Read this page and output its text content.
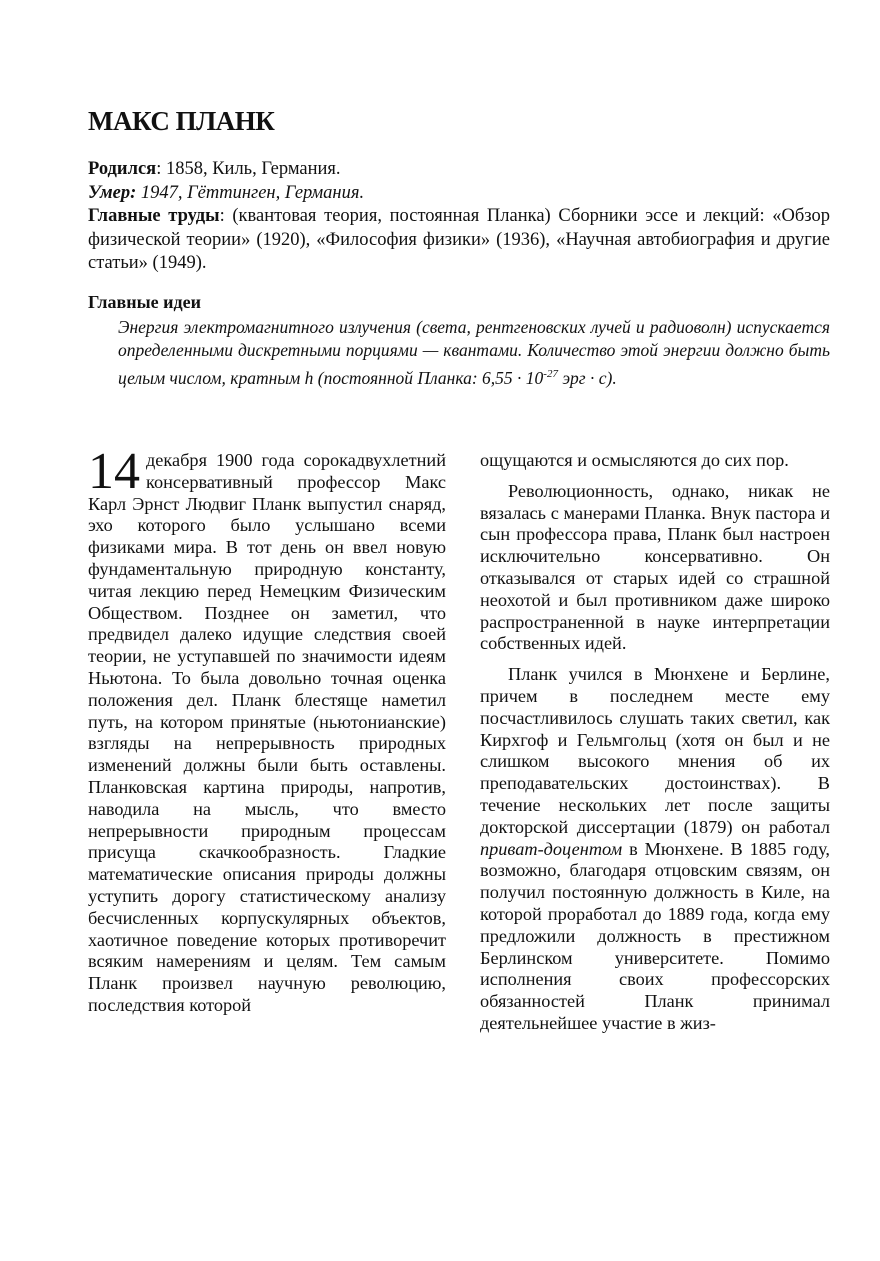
МАКС ПЛАНК
Родился: 1858, Киль, Германия.
Умер: 1947, Гёттинген, Германия.
Главные труды: (квантовая теория, постоянная Планка) Сборники эссе и лекций: «Обзор физической теории» (1920), «Философия физики» (1936), «Научная автобиография и другие статьи» (1949).
Главные идеи
Энергия электромагнитного излучения (света, рентгеновских лучей и радиоволн) испускается определенными дискретными порциями — квантами. Количество этой энергии должно быть целым числом, кратным h (постоянной Планка: $6,55 \cdot 10^{-27}$ эрг · с).

14 декабря 1900 года сорокадвухлетний консервативный профессор Макс Карл Эрнст Людвиг Планк выпустил снаряд, эхо которого было услышано всеми физиками мира. В тот день он ввел новую фундаментальную природную константу, читая лекцию перед Немецким Физическим Обществом. Позднее он заметил, что предвидел далеко идущие следствия своей теории, не уступавшей по значимости идеям Ньютона. То была довольно точная оценка положения дел. Планк блестяще наметил путь, на котором принятые (ньютонианские) взгляды на непрерывность природных изменений должны были быть оставлены. Планковская картина природы, напротив, наводила на мысль, что вместо непрерывности природным процессам присуща скачкообразность. Гладкие математические описания природы должны уступить дорогу статистическому анализу бесчисленных корпускулярных объектов, хаотичное поведение которых противоречит всяким намерениям и целям. Тем самым Планк произвел научную революцию, последствия которой

ощущаются и осмысляются до сих пор.

Революционность, однако, никак не вязалась с манерами Планка. Внук пастора и сын профессора права, Планк был настроен исключительно консервативно. Он отказывался от старых идей со страшной неохотой и был противником даже широко распространенной в науке интерпретации собственных идей.

Планк учился в Мюнхене и Берлине, причем в последнем месте ему посчастливилось слушать таких светил, как Кирхгоф и Гельмгольц (хотя он был и не слишком высокого мнения об их преподавательских достоинствах). В течение нескольких лет после защиты докторской диссертации (1879) он работал приват-доцентом в Мюнхене. В 1885 году, возможно, благодаря отцовским связям, он получил постоянную должность в Киле, на которой проработал до 1889 года, когда ему предложили должность в престижном Берлинском университете. Помимо исполнения своих профессорских обязанностей Планк принимал деятельнейшее участие в жиз-
